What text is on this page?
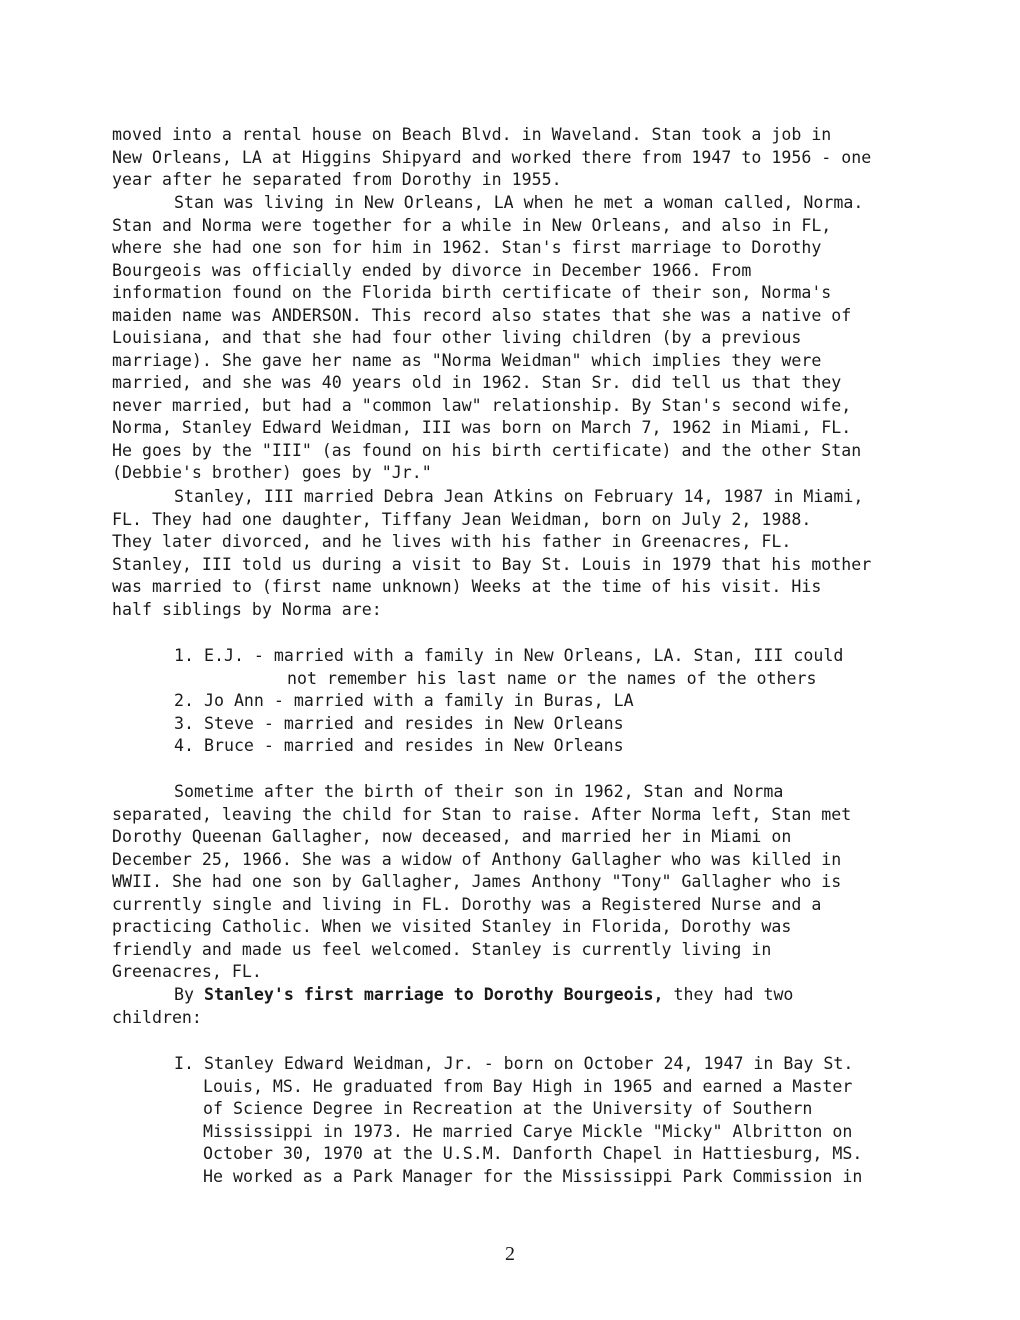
moved into a rental house on Beach Blvd. in Waveland. Stan took a job in
New Orleans, LA at Higgins Shipyard and worked there from 1947 to 1956 - one
year after he separated from Dorothy in 1955.
Stan was living in New Orleans, LA when he met a woman called, Norma.
Stan and Norma were together for a while in New Orleans, and also in FL,
where she had one son for him in 1962. Stan's first marriage to Dorothy
Bourgeois was officially ended by divorce in December 1966. From
information found on the Florida birth certificate of their son, Norma's
maiden name was ANDERSON. This record also states that she was a native of
Louisiana, and that she had four other living children (by a previous
marriage). She gave her name as "Norma Weidman" which implies they were
married, and she was 40 years old in 1962. Stan Sr. did tell us that they
never married, but had a "common law" relationship. By Stan's second wife,
Norma, Stanley Edward Weidman, III was born on March 7, 1962 in Miami, FL.
He goes by the "III" (as found on his birth certificate) and the other Stan
(Debbie's brother) goes by "Jr."
Stanley, III married Debra Jean Atkins on February 14, 1987 in Miami,
FL. They had one daughter, Tiffany Jean Weidman, born on July 2, 1988.
They later divorced, and he lives with his father in Greenacres, FL.
Stanley, III told us during a visit to Bay St. Louis in 1979 that his mother
was married to (first name unknown) Weeks at the time of his visit. His
half siblings by Norma are:
1. E.J. - married with a family in New Orleans, LA. Stan, III could
not remember his last name or the names of the others
2. Jo Ann - married with a family in Buras, LA
3. Steve - married and resides in New Orleans
4. Bruce - married and resides in New Orleans
Sometime after the birth of their son in 1962, Stan and Norma
separated, leaving the child for Stan to raise. After Norma left, Stan met
Dorothy Queenan Gallagher, now deceased, and married her in Miami on
December 25, 1966. She was a widow of Anthony Gallagher who was killed in
WWII. She had one son by Gallagher, James Anthony "Tony" Gallagher who is
currently single and living in FL. Dorothy was a Registered Nurse and a
practicing Catholic. When we visited Stanley in Florida, Dorothy was
friendly and made us feel welcomed. Stanley is currently living in
Greenacres, FL.
By Stanley's first marriage to Dorothy Bourgeois, they had two
children:
I. Stanley Edward Weidman, Jr. - born on October 24, 1947 in Bay St.
Louis, MS. He graduated from Bay High in 1965 and earned a Master
of Science Degree in Recreation at the University of Southern
Mississippi in 1973. He married Carye Mickle "Micky" Albritton on
October 30, 1970 at the U.S.M. Danforth Chapel in Hattiesburg, MS.
He worked as a Park Manager for the Mississippi Park Commission in
2
